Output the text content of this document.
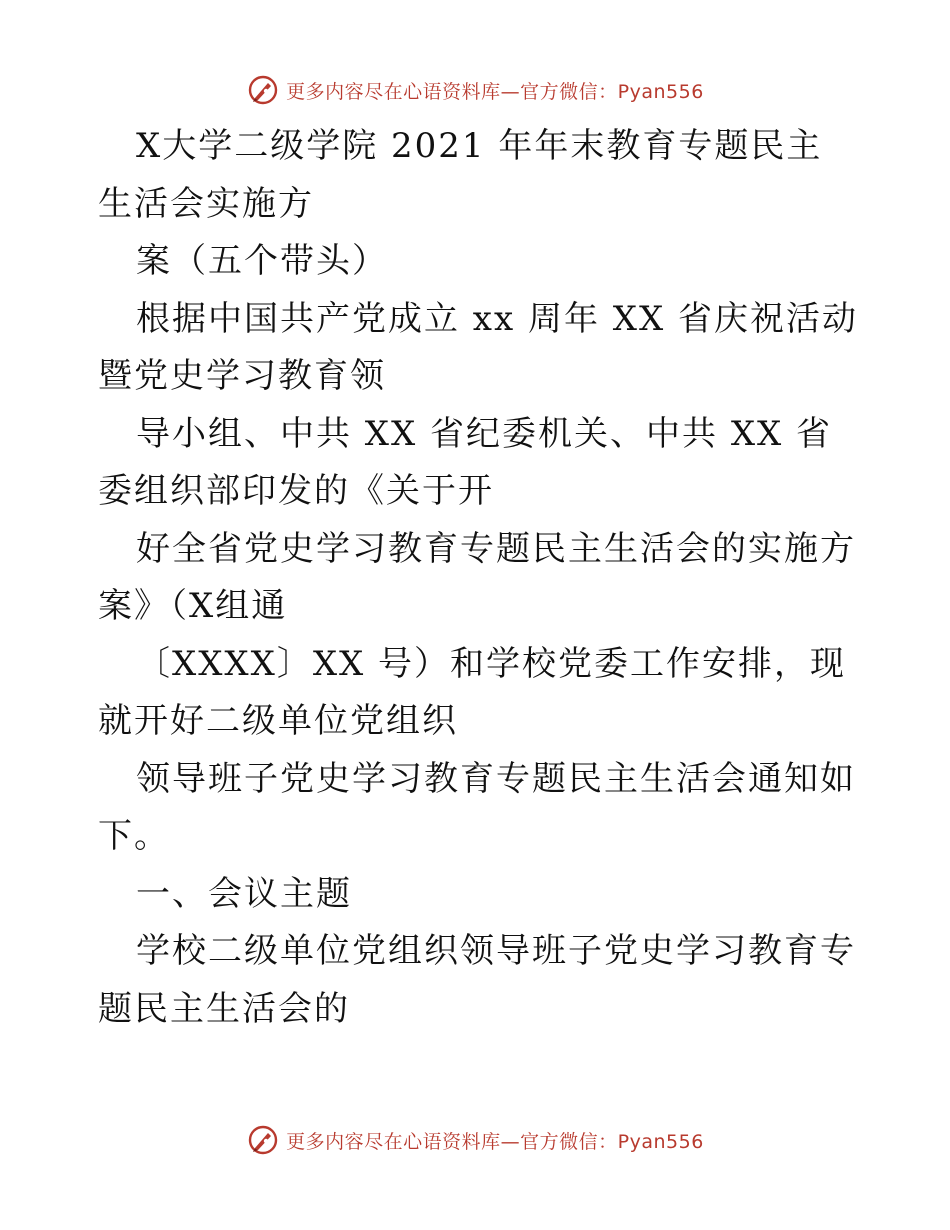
更多内容尽在心语资料库—官方微信：Pyan556

X大学二级学院 2021 年年末教育专题民主生活会实施方

案（五个带头）

根据中国共产党成立 xx 周年 XX 省庆祝活动暨党史学习教育领

导小组、中共 XX 省纪委机关、中共 XX 省委组织部印发的《关于开

好全省党史学习教育专题民主生活会的实施方案》（X组通

〔XXXX〕XX 号）和学校党委工作安排，现就开好二级单位党组织

领导班子党史学习教育专题民主生活会通知如下。

一、会议主题

学校二级单位党组织领导班子党史学习教育专题民主生活会的

更多内容尽在心语资料库—官方微信：Pyan556
